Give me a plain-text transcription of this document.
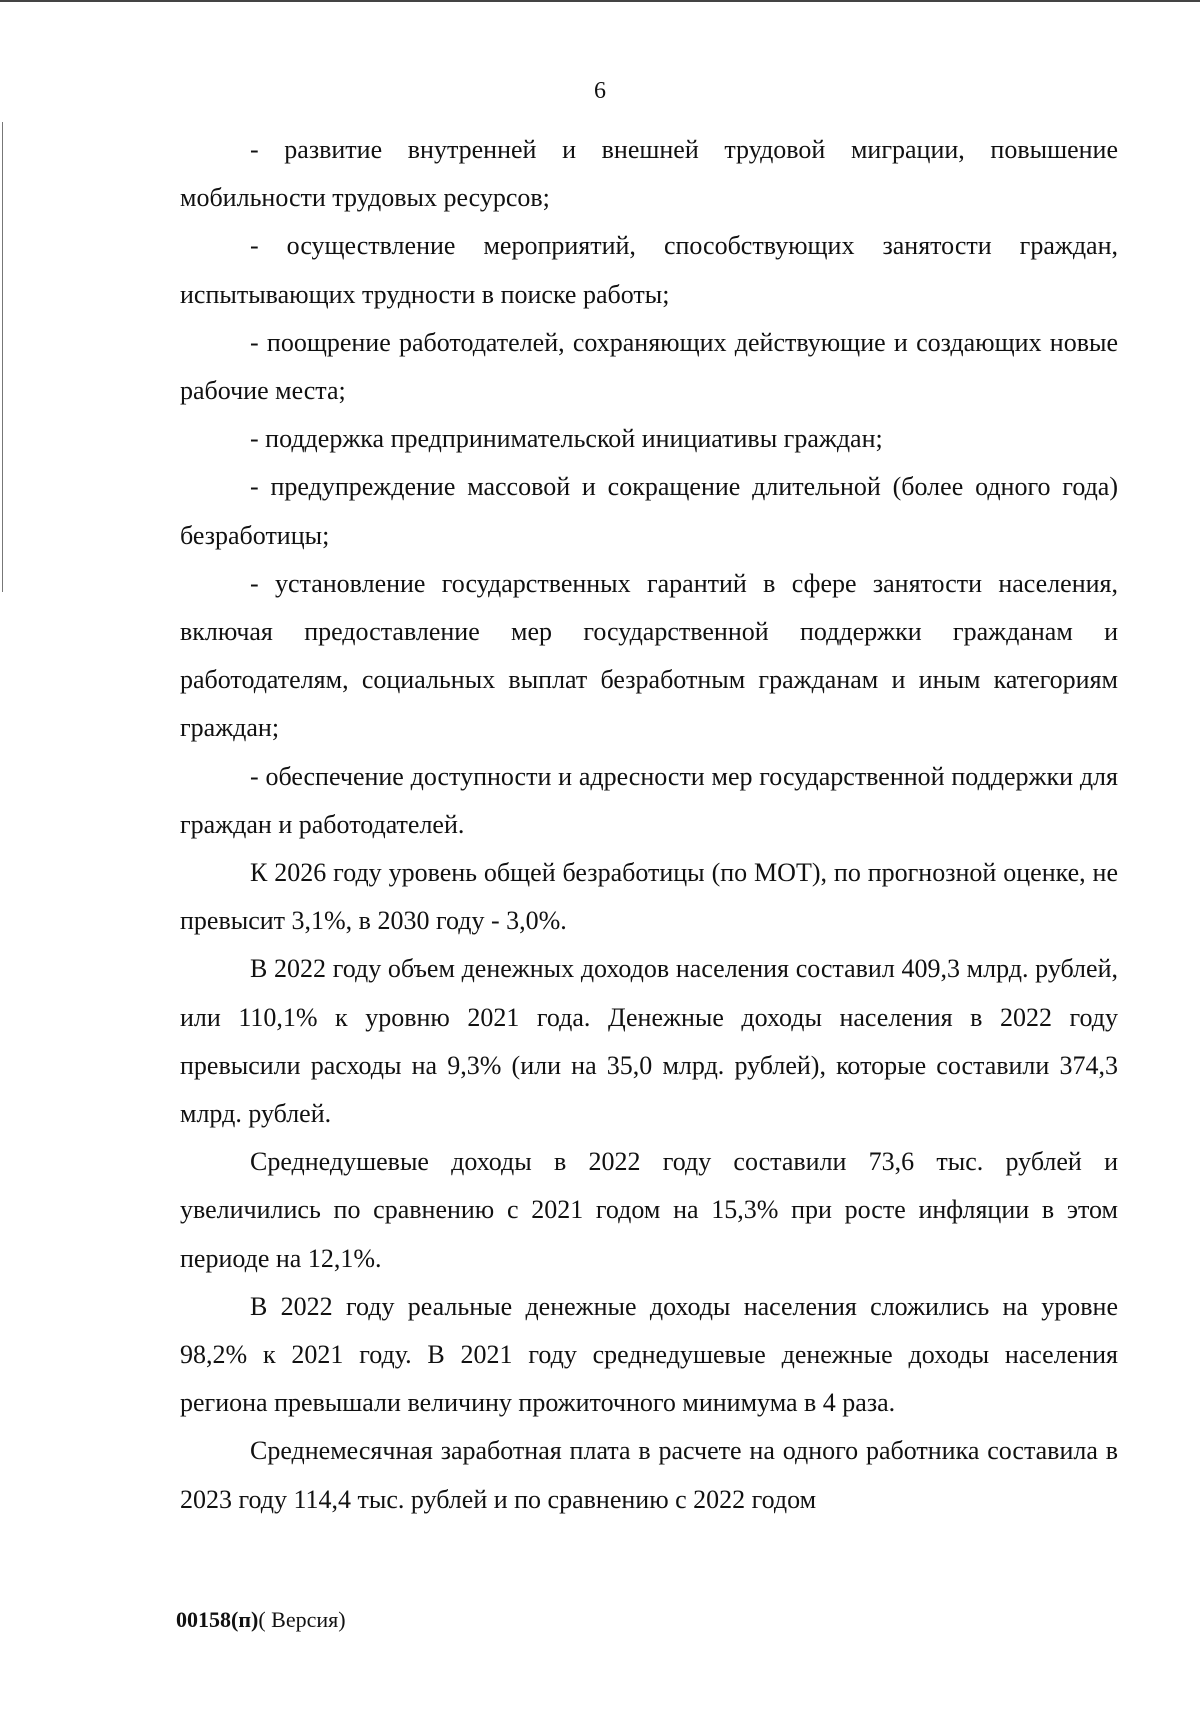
6

- развитие внутренней и внешней трудовой миграции, повышение мобильности трудовых ресурсов;

- осуществление мероприятий, способствующих занятости граждан, испытывающих трудности в поиске работы;

- поощрение работодателей, сохраняющих действующие и создающих новые рабочие места;

- поддержка предпринимательской инициативы граждан;

- предупреждение массовой и сокращение длительной (более одного года) безработицы;

- установление государственных гарантий в сфере занятости населения, включая предоставление мер государственной поддержки гражданам и работодателям, социальных выплат безработным гражданам и иным категориям граждан;

- обеспечение доступности и адресности мер государственной поддержки для граждан и работодателей.

К 2026 году уровень общей безработицы (по МОТ), по прогнозной оценке, не превысит 3,1%, в 2030 году - 3,0%.

В 2022 году объем денежных доходов населения составил 409,3 млрд. рублей, или 110,1% к уровню 2021 года. Денежные доходы населения в 2022 году превысили расходы на 9,3% (или на 35,0 млрд. рублей), которые составили 374,3 млрд. рублей.

Среднедушевые доходы в 2022 году составили 73,6 тыс. рублей и увеличились по сравнению с 2021 годом на 15,3% при росте инфляции в этом периоде на 12,1%.

В 2022 году реальные денежные доходы населения сложились на уровне 98,2% к 2021 году. В 2021 году среднедушевые денежные доходы населения региона превышали величину прожиточного минимума в 4 раза.

Среднемесячная заработная плата в расчете на одного работника составила в 2023 году 114,4 тыс. рублей и по сравнению с 2022 годом

00158(п)( Версия)
